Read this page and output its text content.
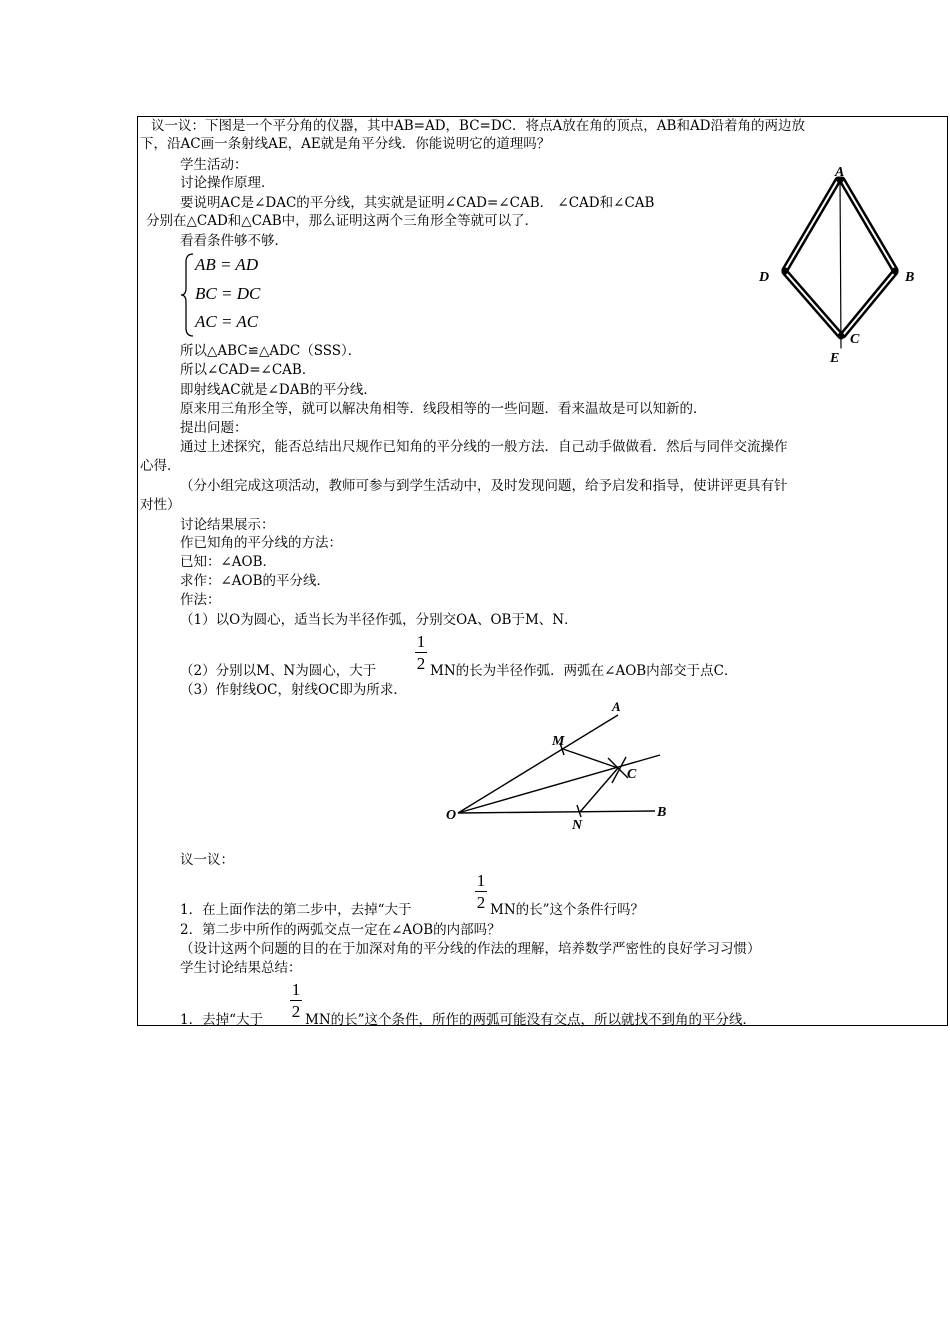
议一议：下图是一个平分角的仪器，其中AB=AD，BC=DC．将点A放在角的顶点，AB和AD沿着角的两边放
下，沿AC画一条射线AE，AE就是角平分线．你能说明它的道理吗？
学生活动：
讨论操作原理．
要说明AC是∠DAC的平分线，其实就是证明∠CAD=∠CAB． ∠CAD和∠CAB
分别在△CAD和△CAB中，那么证明这两个三角形全等就可以了．
看看条件够不够．
AB = AD
BC = DC
AC = AC
所以△ABC≌△ADC（SSS）．
所以∠CAD=∠CAB．
即射线AC就是∠DAB的平分线．
原来用三角形全等，就可以解决角相等．线段相等的一些问题．看来温故是可以知新的．
提出问题：
通过上述探究，能否总结出尺规作已知角的平分线的一般方法．自己动手做做看．然后与同伴交流操作
心得．
（分小组完成这项活动，教师可参与到学生活动中，及时发现问题，给予启发和指导，使讲评更具有针
对性）
讨论结果展示：
作已知角的平分线的方法：
已知：∠AOB．
求作：∠AOB的平分线．
作法：
（1）以O为圆心，适当长为半径作弧，分别交OA、OB于M、N．
（2）分别以M、N为圆心，大于
1
2 MN的长为半径作弧．两弧在∠AOB内部交于点C．
（3）作射线OC，射线OC即为所求．
议一议：
1．在上面作法的第二步中，去掉“大于
1
2 MN的长”这个条件行吗？
2．第二步中所作的两弧交点一定在∠AOB的内部吗？
（设计这两个问题的目的在于加深对角的平分线的作法的理解，培养数学严密性的良好学习习惯）
学生讨论结果总结：
1．去掉“大于
1
2 MN的长”这个条件，所作的两弧可能没有交点，所以就找不到角的平分线．
A
B
C
D
E
A
M
C
O
N
B
